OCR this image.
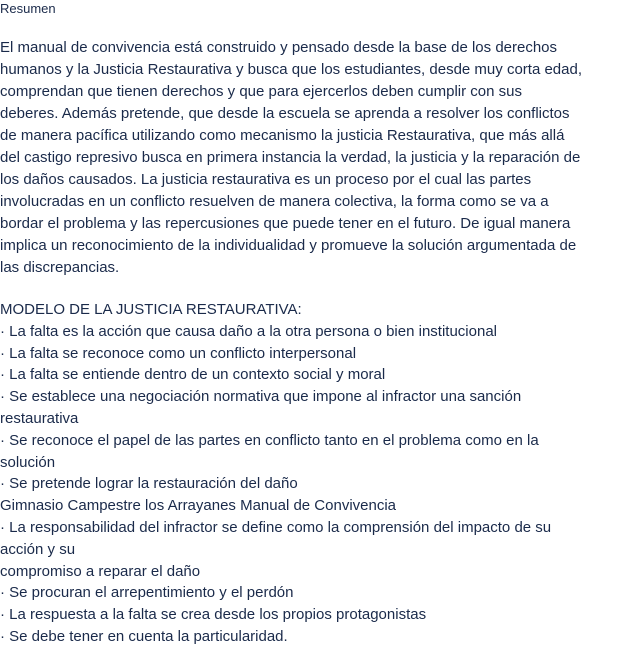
Resumen

El manual de convivencia está construido y pensado desde la base de los derechos
humanos y la Justicia Restaurativa y busca que los estudiantes, desde muy corta edad,
comprendan que tienen derechos y que para ejercerlos deben cumplir con sus
deberes. Además pretende, que desde la escuela se aprenda a resolver los conflictos
de manera pacífica utilizando como mecanismo la justicia Restaurativa, que más allá
del castigo represivo busca en primera instancia la verdad, la justicia y la reparación de
los daños causados. La justicia restaurativa es un proceso por el cual las partes
involucradas en un conflicto resuelven de manera colectiva, la forma como se va a
bordar el problema y las repercusiones que puede tener en el futuro. De igual manera
implica un reconocimiento de la individualidad y promueve la solución argumentada de
las discrepancias.

MODELO DE LA JUSTICIA RESTAURATIVA:
· La falta es la acción que causa daño a la otra persona o bien institucional
· La falta se reconoce como un conflicto interpersonal
· La falta se entiende dentro de un contexto social y moral
· Se establece una negociación normativa que impone al infractor una sanción
restaurativa
· Se reconoce el papel de las partes en conflicto tanto en el problema como en la
solución
· Se pretende lograr la restauración del daño
Gimnasio Campestre los Arrayanes Manual de Convivencia
· La responsabilidad del infractor se define como la comprensión del impacto de su
acción y su
compromiso a reparar el daño
· Se procuran el arrepentimiento y el perdón
· La respuesta a la falta se crea desde los propios protagonistas
· Se debe tener en cuenta la particularidad.
